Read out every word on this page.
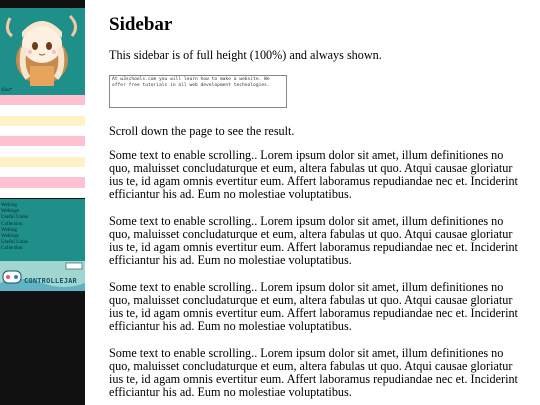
dion*
Weblog
Weblogs
Useful Links
Collection
Weblog
Weblogs
Useful Links
Collection
CONTROLLEJAR
Sidebar

This sidebar is of full height (100%) and always shown.

At w3schools.com you will learn how to make a website. We offer free tutorials in all web development technologies.

Scroll down the page to see the result.

Some text to enable scrolling.. Lorem ipsum dolor sit amet, illum definitiones no quo, maluisset concludaturque et eum, altera fabulas ut quo. Atqui causae gloriatur ius te, id agam omnis evertitur eum. Affert laboramus repudiandae nec et. Inciderint efficiantur his ad. Eum no molestiae voluptatibus.

Some text to enable scrolling.. Lorem ipsum dolor sit amet, illum definitiones no quo, maluisset concludaturque et eum, altera fabulas ut quo. Atqui causae gloriatur ius te, id agam omnis evertitur eum. Affert laboramus repudiandae nec et. Inciderint efficiantur his ad. Eum no molestiae voluptatibus.

Some text to enable scrolling.. Lorem ipsum dolor sit amet, illum definitiones no quo, maluisset concludaturque et eum, altera fabulas ut quo. Atqui causae gloriatur ius te, id agam omnis evertitur eum. Affert laboramus repudiandae nec et. Inciderint efficiantur his ad. Eum no molestiae voluptatibus.

Some text to enable scrolling.. Lorem ipsum dolor sit amet, illum definitiones no quo, maluisset concludaturque et eum, altera fabulas ut quo. Atqui causae gloriatur ius te, id agam omnis evertitur eum. Affert laboramus repudiandae nec et. Inciderint efficiantur his ad. Eum no molestiae voluptatibus.
